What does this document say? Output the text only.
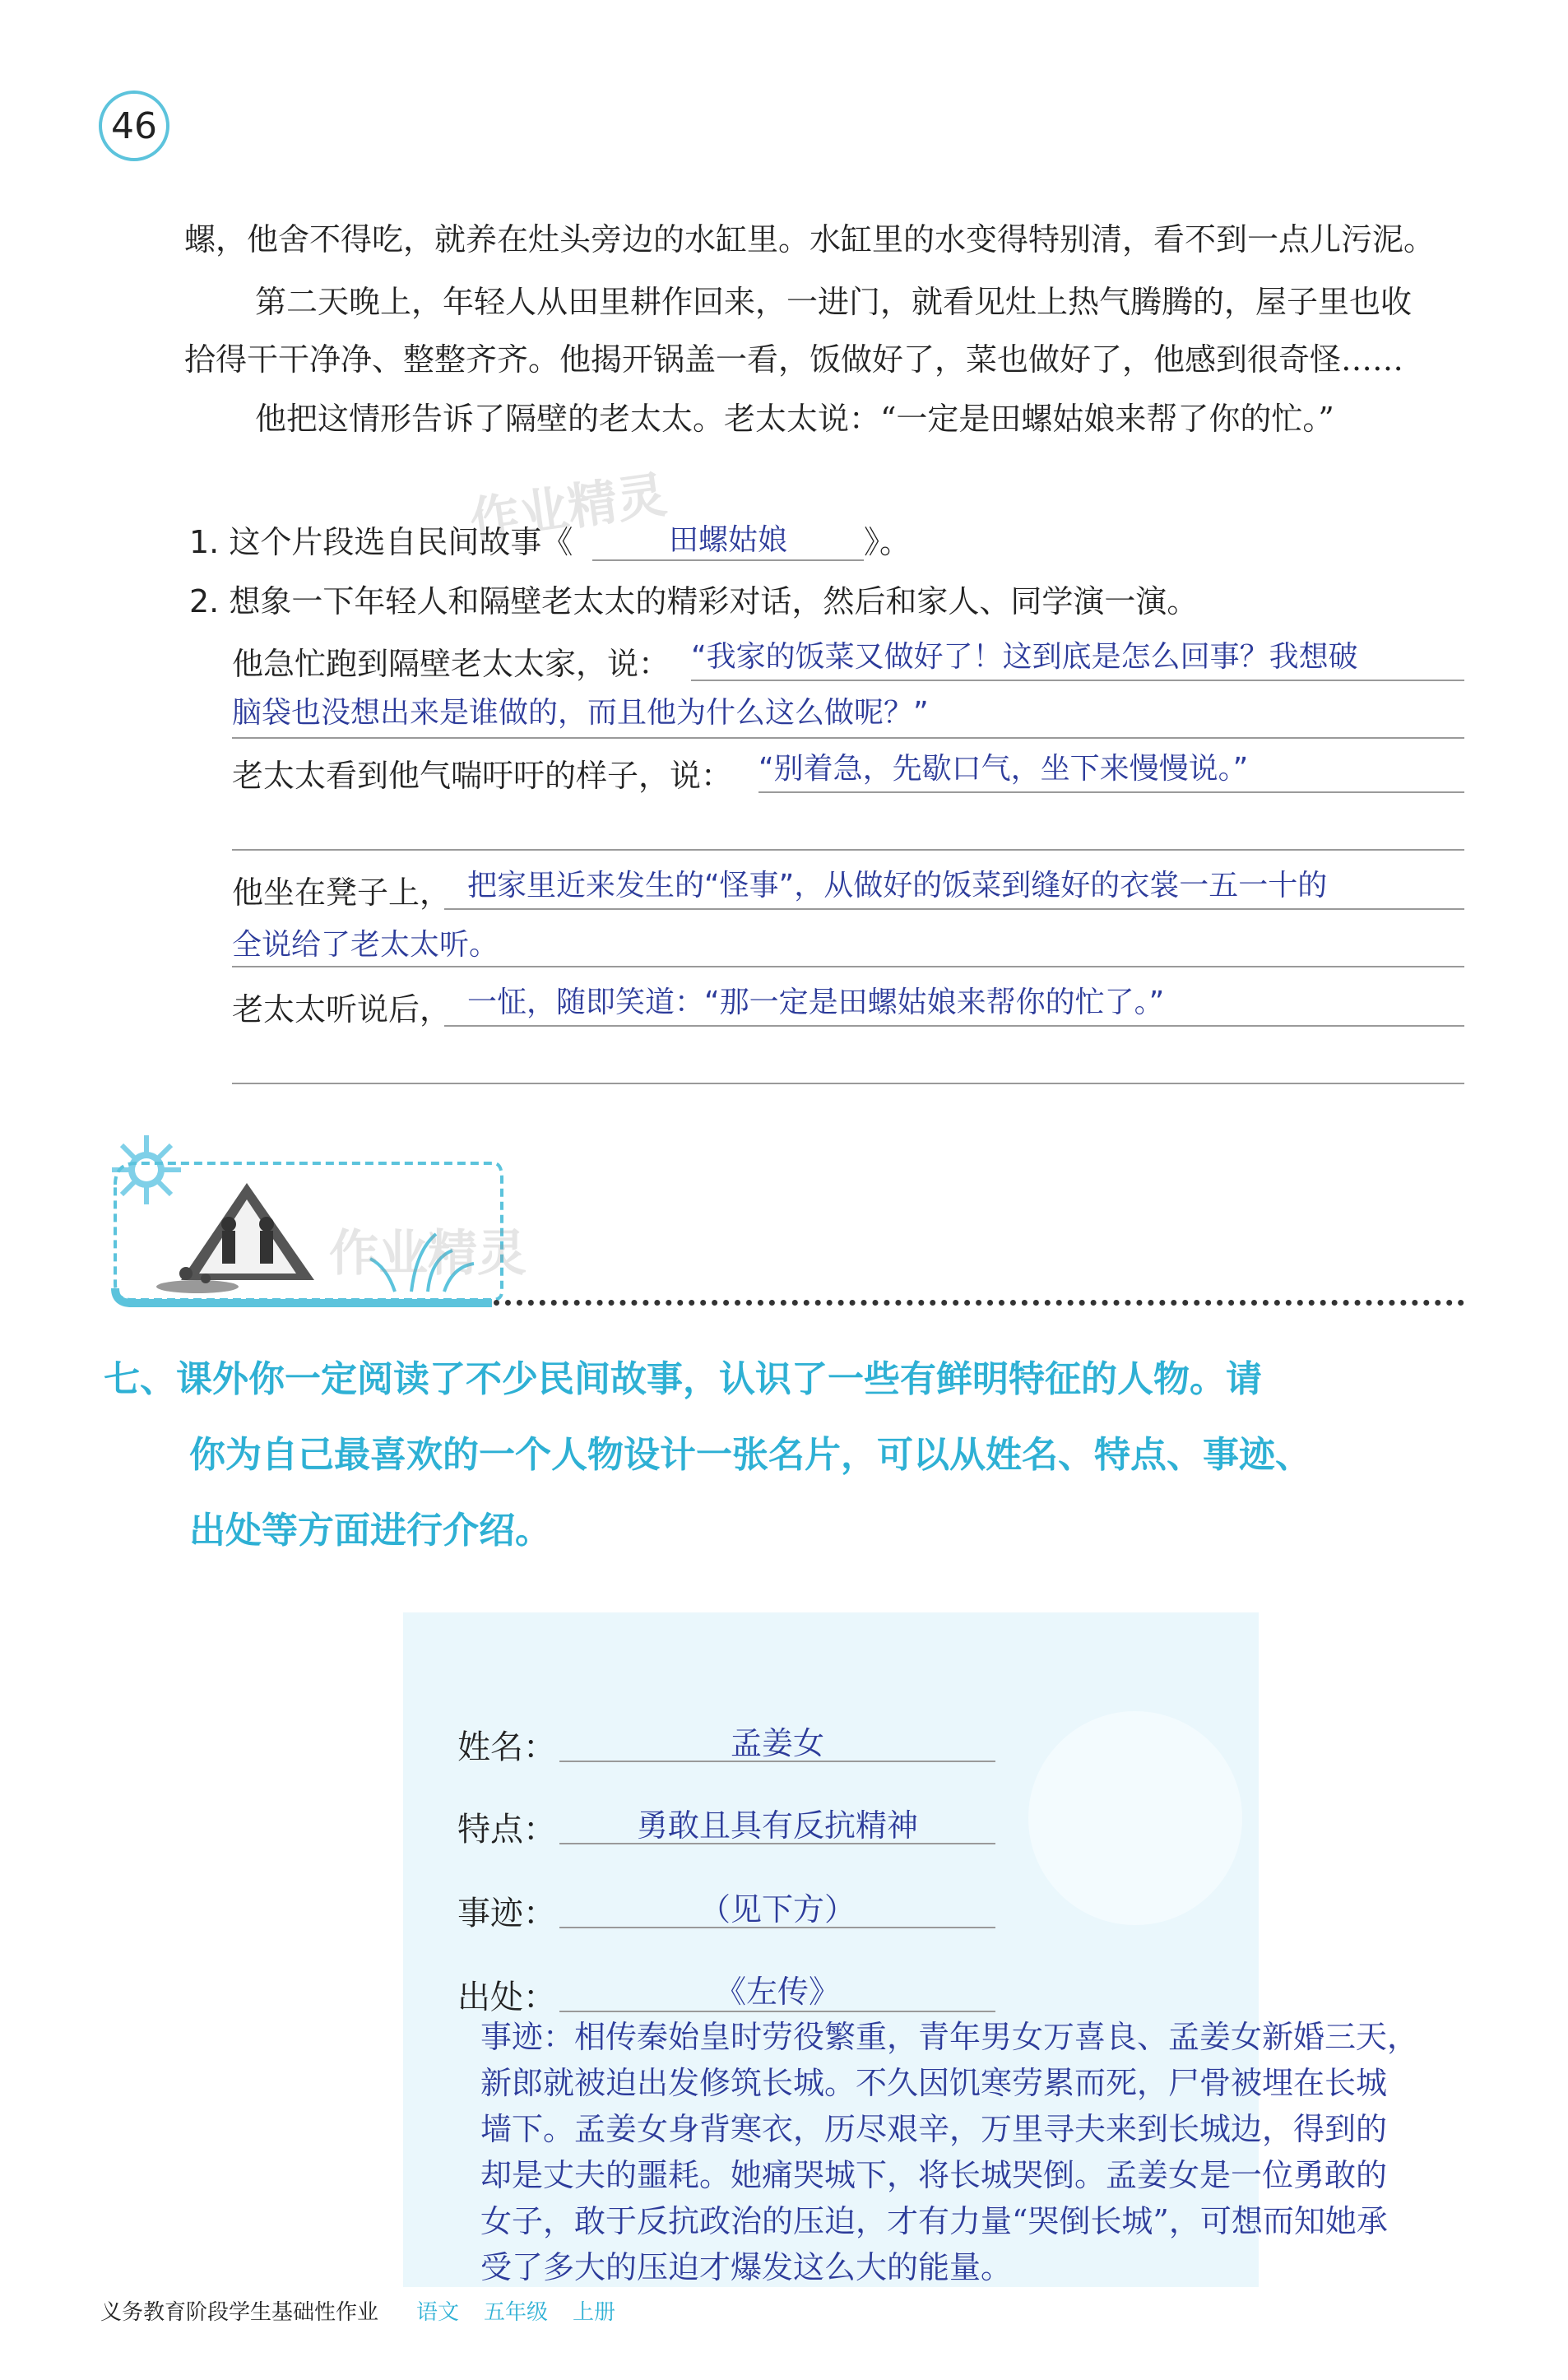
46
螺，他舍不得吃，就养在灶头旁边的水缸里。水缸里的水变得特别清，看不到一点儿污泥。
第二天晚上，年轻人从田里耕作回来，一进门，就看见灶上热气腾腾的，屋子里也收
拾得干干净净、整整齐齐。他揭开锅盖一看，饭做好了，菜也做好了，他感到很奇怪……
他把这情形告诉了隔壁的老太太。老太太说：“一定是田螺姑娘来帮了你的忙。”
作业精灵
1. 这个片段选自民间故事《	田螺姑娘	》。
2. 想象一下年轻人和隔壁老太太的精彩对话，然后和家人、同学演一演。
他急忙跑到隔壁老太太家，说： “我家的饭菜又做好了！这到底是怎么回事？我想破
脑袋也没想出来是谁做的，而且他为什么这么做呢？”
老太太看到他气喘吁吁的样子，说： “别着急，先歇口气，坐下来慢慢说。”
他坐在凳子上， 把家里近来发生的“怪事”，从做好的饭菜到缝好的衣裳一五一十的
全说给了老太太听。
老太太听说后， 一怔，随即笑道：“那一定是田螺姑娘来帮你的忙了。”
作业精灵
七、课外你一定阅读了不少民间故事，认识了一些有鲜明特征的人物。请
你为自己最喜欢的一个人物设计一张名片，可以从姓名、特点、事迹、
出处等方面进行介绍。
姓名：	孟姜女
特点：	勇敢且具有反抗精神
事迹：	（见下方）
出处：	《左传》
事迹：相传秦始皇时劳役繁重，青年男女万喜良、孟姜女新婚三天，
新郎就被迫出发修筑长城。不久因饥寒劳累而死，尸骨被埋在长城
墙下。孟姜女身背寒衣，历尽艰辛，万里寻夫来到长城边，得到的
却是丈夫的噩耗。她痛哭城下，将长城哭倒。孟姜女是一位勇敢的
女子，敢于反抗政治的压迫，才有力量“哭倒长城”，可想而知她承
受了多大的压迫才爆发这么大的能量。
义务教育阶段学生基础性作业 语文 五年级 上册
